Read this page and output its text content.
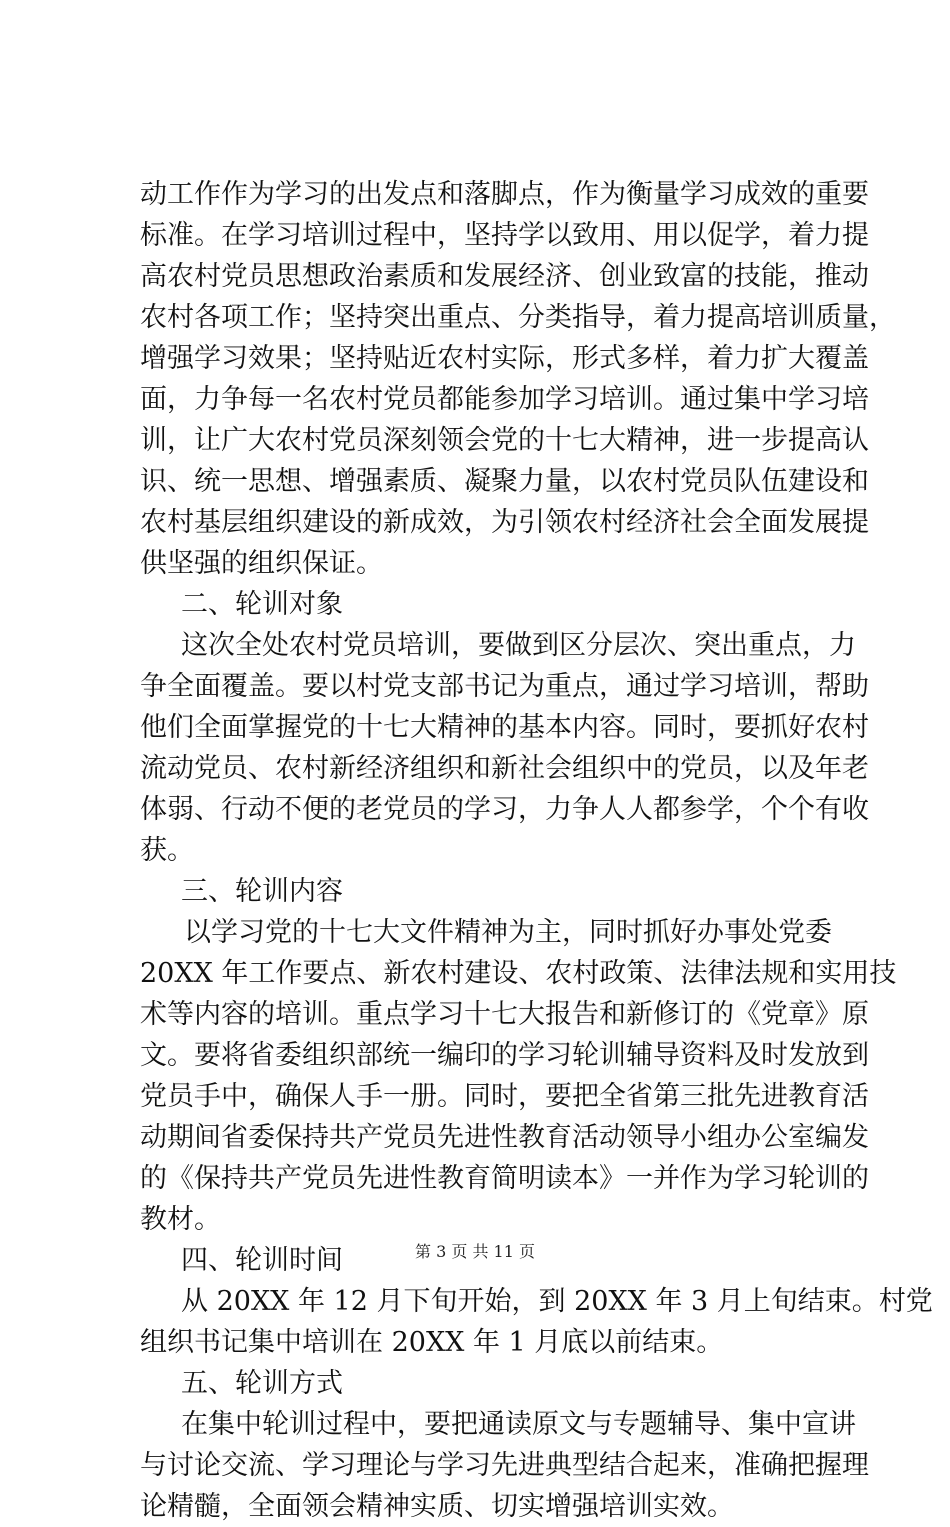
动工作作为学习的出发点和落脚点，作为衡量学习成效的重要
标准。在学习培训过程中，坚持学以致用、用以促学，着力提
高农村党员思想政治素质和发展经济、创业致富的技能，推动
农村各项工作；坚持突出重点、分类指导，着力提高培训质量，
增强学习效果；坚持贴近农村实际，形式多样，着力扩大覆盖
面，力争每一名农村党员都能参加学习培训。通过集中学习培
训，让广大农村党员深刻领会党的十七大精神，进一步提高认
识、统一思想、增强素质、凝聚力量，以农村党员队伍建设和
农村基层组织建设的新成效，为引领农村经济社会全面发展提
供坚强的组织保证。
二、轮训对象
这次全处农村党员培训，要做到区分层次、突出重点，力
争全面覆盖。要以村党支部书记为重点，通过学习培训，帮助
他们全面掌握党的十七大精神的基本内容。同时，要抓好农村
流动党员、农村新经济组织和新社会组织中的党员，以及年老
体弱、行动不便的老党员的学习，力争人人都参学，个个有收
获。
三、轮训内容
以学习党的十七大文件精神为主，同时抓好办事处党委
20XX 年工作要点、新农村建设、农村政策、法律法规和实用技
术等内容的培训。重点学习十七大报告和新修订的《党章》原
文。要将省委组织部统一编印的学习轮训辅导资料及时发放到
党员手中，确保人手一册。同时，要把全省第三批先进教育活
动期间省委保持共产党员先进性教育活动领导小组办公室编发
的《保持共产党员先进性教育简明读本》一并作为学习轮训的
教材。
四、轮训时间
从 20XX 年 12 月下旬开始，到 20XX 年 3 月上旬结束。村党
组织书记集中培训在 20XX 年 1 月底以前结束。
五、轮训方式
在集中轮训过程中，要把通读原文与专题辅导、集中宣讲
与讨论交流、学习理论与学习先进典型结合起来，准确把握理
论精髓，全面领会精神实质、切实增强培训实效。
第 3 页 共 11 页
